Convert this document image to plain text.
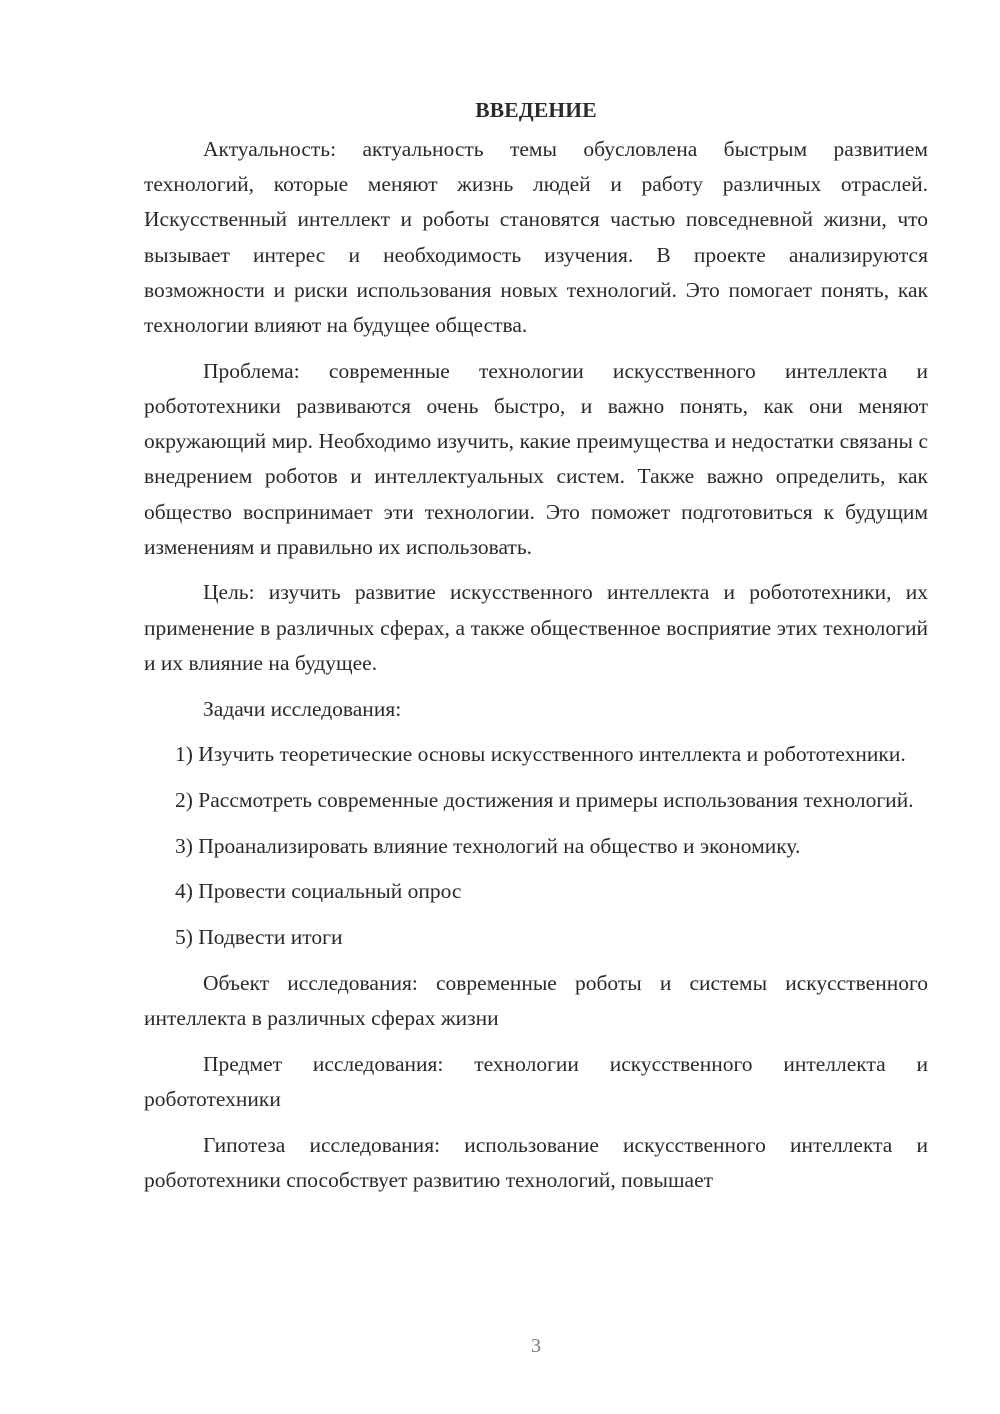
ВВЕДЕНИЕ

Актуальность: актуальность темы обусловлена быстрым развитием технологий, которые меняют жизнь людей и работу различных отраслей. Искусственный интеллект и роботы становятся частью повседневной жизни, что вызывает интерес и необходимость изучения. В проекте анализируются возможности и риски использования новых технологий. Это помогает понять, как технологии влияют на будущее общества.

Проблема: современные технологии искусственного интеллекта и робототехники развиваются очень быстро, и важно понять, как они меняют окружающий мир. Необходимо изучить, какие преимущества и недостатки связаны с внедрением роботов и интеллектуальных систем. Также важно определить, как общество воспринимает эти технологии. Это поможет подготовиться к будущим изменениям и правильно их использовать.

Цель: изучить развитие искусственного интеллекта и робототехники, их применение в различных сферах, а также общественное восприятие этих технологий и их влияние на будущее.

Задачи исследования:

1) Изучить теоретические основы искусственного интеллекта и робототехники.

2) Рассмотреть современные достижения и примеры использования технологий.

3) Проанализировать влияние технологий на общество и экономику.

4) Провести социальный опрос

5) Подвести итоги

Объект исследования: современные роботы и системы искусственного интеллекта в различных сферах жизни

Предмет исследования: технологии искусственного интеллекта и робототехники

Гипотеза исследования: использование искусственного интеллекта и робототехники способствует развитию технологий, повышает

3
